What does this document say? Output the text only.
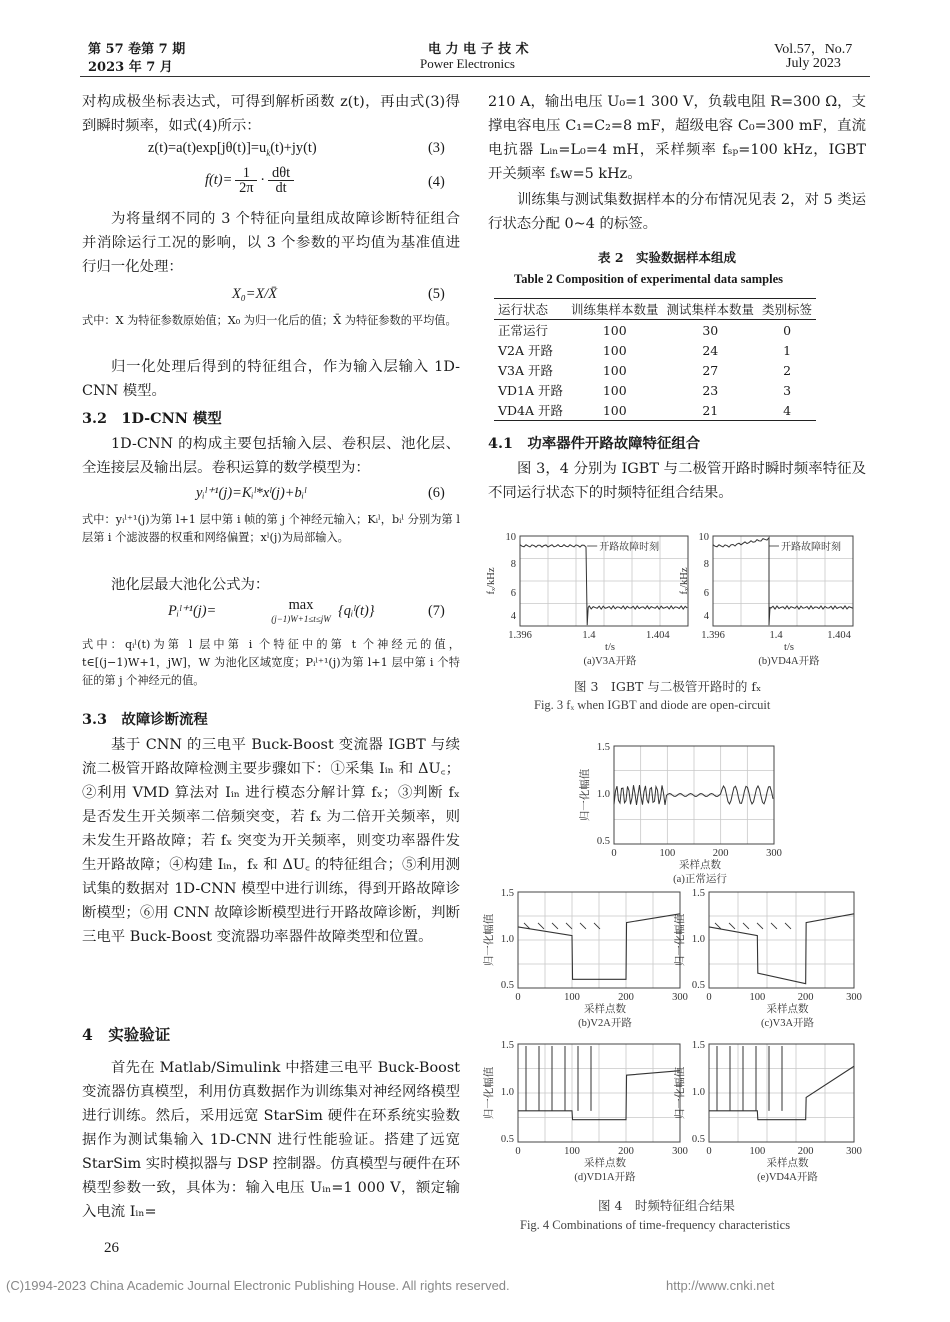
第 57 卷第 7 期
2023 年 7 月
电 力 电 子 技 术
Power Electronics
Vol.57，No.7
July 2023
对构成极坐标表达式，可得到解析函数 z(t)，再由式(3)得到瞬时频率，如式(4)所示：
$z(t)=a(t)\exp[j\theta(t)]=u_k(t)+jy(t)$	(3)
$f(t)= \frac{1}{2\pi} \cdot d\theta t$
dt	(4)
为将量纲不同的 3 个特征向量组成故障诊断特征组合并消除运行工况的影响，以 3 个参数的平均值为基准值进行归一化处理：
X₀=X/X̄	(5)
式中：X 为特征参数原始值；X₀ 为归一化后的值；X̄ 为特征参数的平均值。
归一化处理后得到的特征组合，作为输入层输入 1D-CNN 模型。
3.2　1D-CNN 模型
1D-CNN 的构成主要包括输入层、卷积层、池化层、全连接层及输出层。卷积运算的数学模型为：
yᵢˡ⁺¹(j)=Kᵢˡ*xˡ(j)+bᵢˡ	(6)
式中：yᵢˡ⁺¹(j)为第 l+1 层中第 i 帧的第 j 个神经元输入；Kᵢˡ，bᵢˡ 分别为第 l 层第 i 个滤波器的权重和网络偏置；xˡ(j)为局部输入。
池化层最大池化公式为：
Pᵢˡ⁺¹(j)=	max
(j−1)W+1≤t≤jW {qᵢˡ(t)}	(7)
式中：qᵢˡ(t)为第 l 层中第 i 个特征中的第 t 个神经元的值，t∈[(j−1)W+1，jW]，W 为池化区域宽度；Pᵢˡ⁺¹(j)为第 l+1 层中第 i 个特征的第 j 个神经元的值。
3.3　故障诊断流程
基于 CNN 的三电平 Buck-Boost 变流器 IGBT 与续流二极管开路故障检测主要步骤如下：①采集 Iᵢₙ 和 ΔU꜀；②利用 VMD 算法对 Iᵢₙ 进行模态分解计算 fₓ；③判断 fₓ 是否发生开关频率二倍频突变，若 fₓ 为二倍开关频率，则未发生开路故障；若 fₓ 突变为开关频率，则变功率器件发生开路故障；④构建 Iᵢₙ，fₓ 和 ΔU꜀ 的特征组合；⑤利用测试集的数据对 1D-CNN 模型中进行训练，得到开路故障诊断模型；⑥用 CNN 故障诊断模型进行开路故障诊断，判断三电平 Buck-Boost 变流器功率器件故障类型和位置。
4　实验验证
首先在 Matlab/Simulink 中搭建三电平 Buck-Boost 变流器仿真模型，利用仿真数据作为训练集对神经网络模型进行训练。然后，采用远宽 StarSim 硬件在环系统实验数据作为测试集输入 1D-CNN 进行性能验证。搭建了远宽 StarSim 实时模拟器与 DSP 控制器。仿真模型与硬件在环模型参数一致，具体为：输入电压 Uᵢₙ=1 000 V，额定输入电流 Iᵢₙ=
26
210 A，输出电压 U₀=1 300 V，负载电阻 R=300 Ω，支撑电容电压 C₁=C₂=8 mF，超级电容 C₀=300 mF，直流电抗器 Lᵢₙ=L₀=4 mH，采样频率 fₛₚ=100 kHz，IGBT 开关频率 fₛw=5 kHz。
训练集与测试集数据样本的分布情况见表 2，对 5 类运行状态分配 0~4 的标签。
表 2　实验数据样本组成
Table 2 Composition of experimental data samples
运行状态	训练集样本数量	测试集样本数量	类别标签
正常运行	100	30	0
V2A 开路	100	24	1
V3A 开路	100	27	2
VD1A 开路	100	23	3
VD4A 开路	100	21	4
4.1　功率器件开路故障特征组合
图 3，4 分别为 IGBT 与二极管开路时瞬时频率特征及不同运行状态下的时频特征组合结果。
1.396	1.4	1.404
10
8
6
4
t/s
(a)V3A开路
fₓ/kHz
开路故障时刻
1.396	1.4	1.404
10
8
6
4
t/s
(b)VD4A开路
fₓ/kHz
开路故障时刻
图 3　IGBT 与二极管开路时的 fₓ
Fig. 3 fₓ when IGBT and diode are open-circuit
0	100	200	300
1.5
1.0
0.5
采样点数
(a)正常运行
归一化幅值
0	100	200	300
1.5
1.0
0.5
采样点数
(b)V2A开路
归一化幅值
0	100	200	300
1.5
1.0
0.5
采样点数
(c)V3A开路
归一化幅值
0	100	200	300
1.5
1.0
0.5
采样点数
(d)VD1A开路
归一化幅值
0	100	200	300
1.5
1.0
0.5
采样点数
(e)VD4A开路
归一化幅值
图 4　时频特征组合结果
Fig. 4 Combinations of time-frequency characteristics
(C)1994-2023 China Academic Journal Electronic Publishing House. All rights reserved.	http://www.cnki.net
